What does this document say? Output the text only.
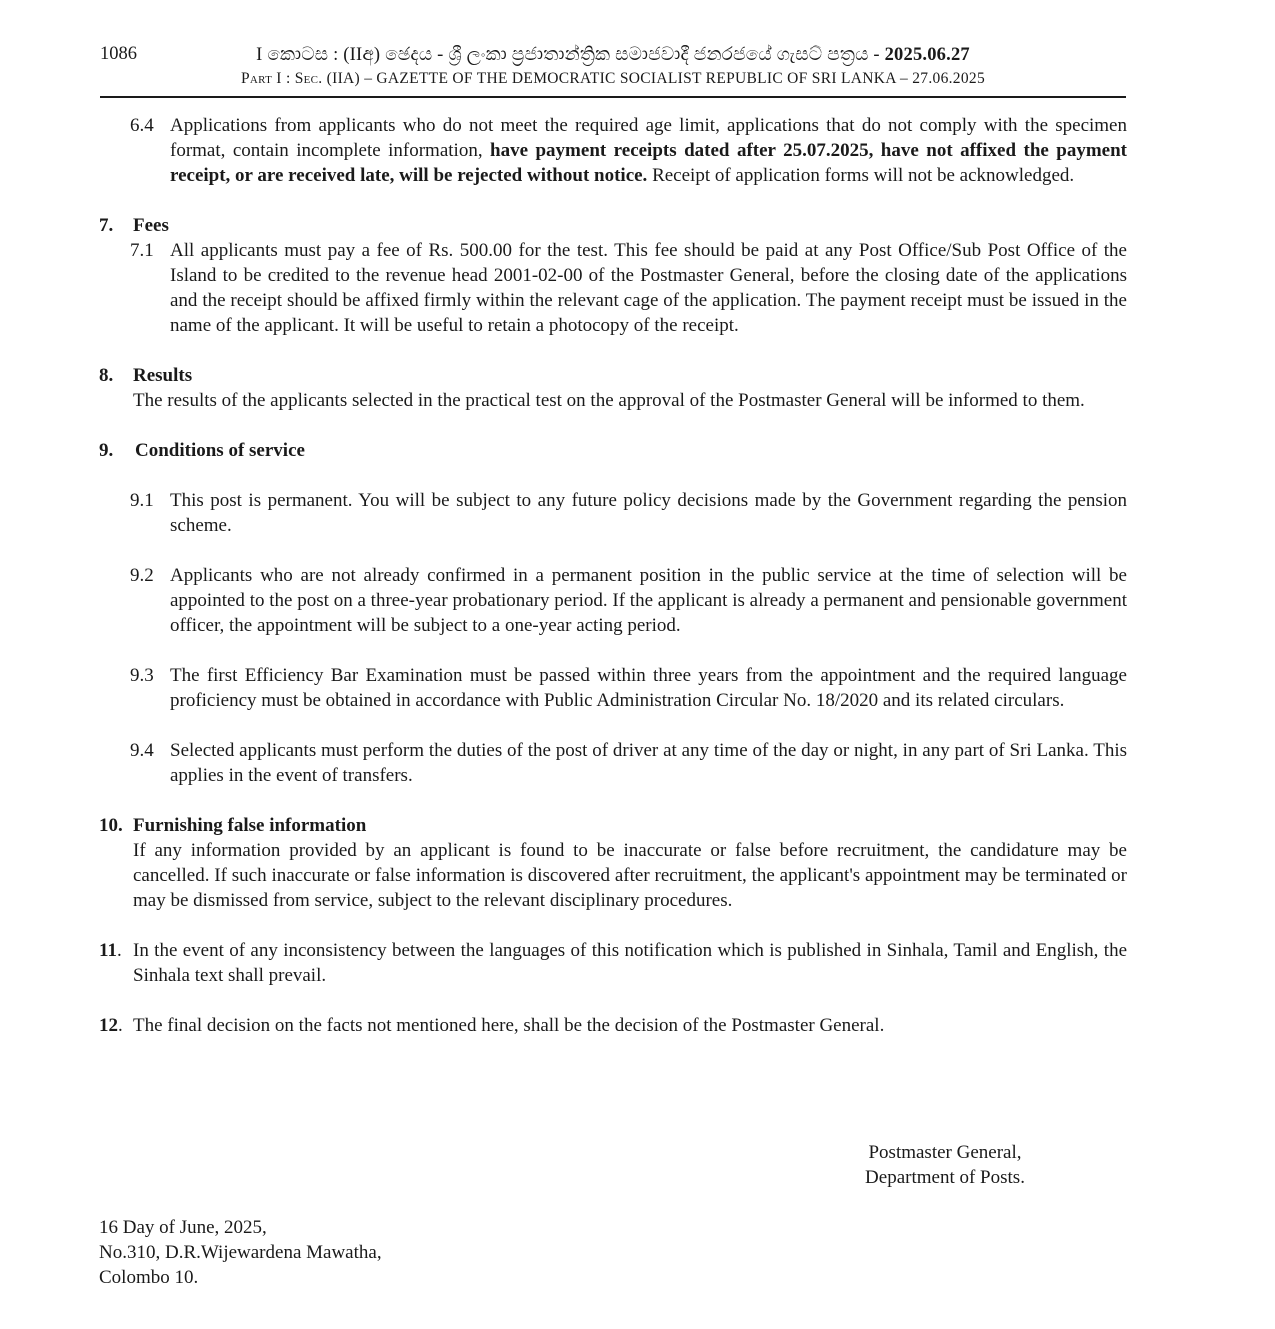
1086	I කොටස : (IIඅ) ඡෙදය - ශ්‍රී ලංකා ප්‍රජාතාන්ත්‍රික සමාජවාදී ජනරජයේ ගැසට් පත්‍රය - 2025.06.27
Part I : Sec. (IIA) – GAZETTE OF THE DEMOCRATIC SOCIALIST REPUBLIC OF SRI LANKA – 27.06.2025

6.4 Applications from applicants who do not meet the required age limit, applications that do not comply with the specimen format, contain incomplete information, have payment receipts dated after 25.07.2025, have not affixed the payment receipt, or are received late, will be rejected without notice. Receipt of application forms will not be acknowledged.

7. Fees

7.1 All applicants must pay a fee of Rs. 500.00 for the test. This fee should be paid at any Post Office/Sub Post Office of the Island to be credited to the revenue head 2001-02-00 of the Postmaster General, before the closing date of the applications and the receipt should be affixed firmly within the relevant cage of the application. The payment receipt must be issued in the name of the applicant. It will be useful to retain a photocopy of the receipt.

8. Results

The results of the applicants selected in the practical test on the approval of the Postmaster General will be informed to them.

9. Conditions of service

9.1 This post is permanent. You will be subject to any future policy decisions made by the Government regarding the pension scheme.

9.2 Applicants who are not already confirmed in a permanent position in the public service at the time of selection will be appointed to the post on a three-year probationary period. If the applicant is already a permanent and pensionable government officer, the appointment will be subject to a one-year acting period.

9.3 The first Efficiency Bar Examination must be passed within three years from the appointment and the required language proficiency must be obtained in accordance with Public Administration Circular No. 18/2020 and its related circulars.

9.4 Selected applicants must perform the duties of the post of driver at any time of the day or night, in any part of Sri Lanka. This applies in the event of transfers.

10. Furnishing false information

If any information provided by an applicant is found to be inaccurate or false before recruitment, the candidature may be cancelled. If such inaccurate or false information is discovered after recruitment, the applicant's appointment may be terminated or may be dismissed from service, subject to the relevant disciplinary procedures.

11. In the event of any inconsistency between the languages of this notification which is published in Sinhala, Tamil and English, the Sinhala text shall prevail.

12. The final decision on the facts not mentioned here, shall be the decision of the Postmaster General.

Postmaster General,
Department of Posts.
16 Day of June, 2025,
No.310, D.R.Wijewardena Mawatha,
Colombo 10.
